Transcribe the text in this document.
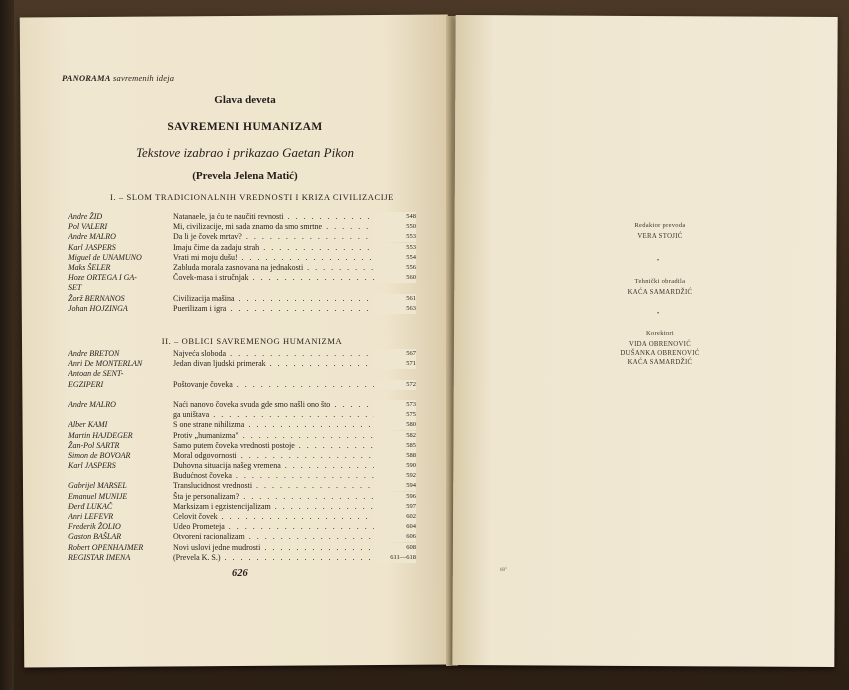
PANORAMA savremenih ideja
Glava deveta
SAVREMENI HUMANIZAM
Tekstove izabrao i prikazao Gaetan Pikon
(Prevela Jelena Matić)
I. – SLOM TRADICIONALNIH VREDNOSTI I KRIZA CIVILIZACIJE
Andre ŽID	Natanaele, ja ću te naučiti revnosti . . .	548
Pol VALERI	Mi, civilizacije, mi sada znamo da smo smrtne . . .	550
Andre MALRO	Da li je čovek mrtav? . . .	553
Karl JASPERS	Imaju čime da zadaju strah . . .	553
Miguel de UNAMUNO	Vrati mi moju dušu! . . .	554
Maks ŠELER	Zabluda morala zasnovana na jednakosti . . .	556
Hoze ORTEGA I GA-	Čovek-masa i stručnjak . . .	560
SET
Žorž BERNANOS	Civilizacija mašina . . .	561
Johan HOJZINGA	Puerilizam i igra . . .	563
II. – OBLICI SAVREMENOG HUMANIZMA
Andre BRETON	Najveća sloboda . . .	567
Anri De MONTERLAN	Jedan divan ljudski primerak . . .	571
Antoan de SENT-
EGZIPERI	Poštovanje čoveka . . .	572
Andre MALRO	Naći nanovo čoveka svuda gde smo našli ono što . . .	573
ga uništava . . .	575
Alber KAMI	S one strane nihilizma . . .	580
Martin HAJDEGER	Protiv „humanizma" . . .	582
Žan-Pol SARTR	Samo putem čoveka vrednosti postoje . . .	585
Simon de BOVOAR	Moral odgovornosti . . .	588
Karl JASPERS	Duhovna situacija našeg vremena . . .	590
Budućnost čoveka . . .	592
Gabrijel MARSEL	Translucidnost vrednosti . . .	594
Emanuel MUNIJE	Šta je personalizam? . . .	596
Đerđ LUKAČ	Marksizam i egzistencijalizam . . .	597
Anri LEFEVR	Celovit čovek . . .	602
Frederik ŽOLIO	Udeo Prometeja . . .	604
Gaston BAŠLAR	Otvoreni racionalizam . . .	606
Robert OPENHAJMER	Novi uslovi jedne mudrosti . . .	608
REGISTAR IMENA	(Prevela K. S.) . . .	611—618
626
Redaktor prevoda
VERA STOJIĆ
•
Tehnički obradila
KAĆA SAMARDŽIĆ
•
Korektori
VIDA OBRENOVIĆ
DUŠANKA OBRENOVIĆ
KAĆA SAMARDŽIĆ
60"
